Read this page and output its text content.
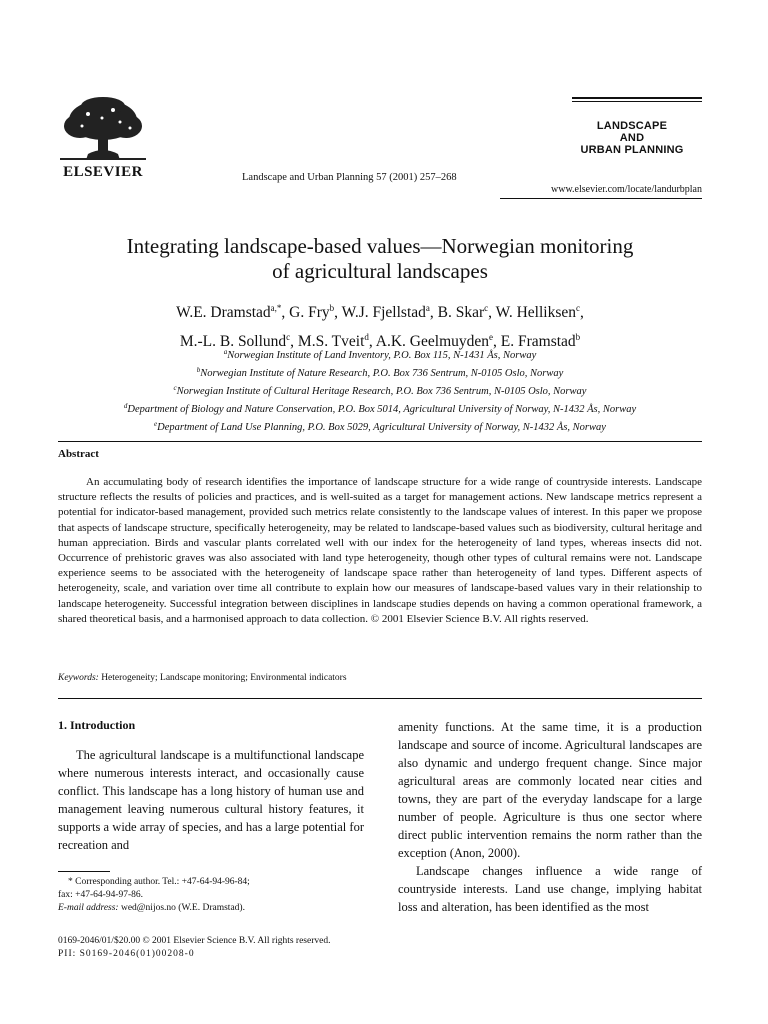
ELSEVIER	Landscape and Urban Planning 57 (2001) 257–268
LANDSCAPE
AND
URBAN PLANNING
www.elsevier.com/locate/landurbplan
Integrating landscape-based values—Norwegian monitoring
of agricultural landscapes
W.E. Dramstad$^{a,*}$, G. Fry$^b$, W.J. Fjellstad$^a$, B. Skar$^c$, W. Helliksen$^c$,
M.-L. B. Sollund$^c$, M.S. Tveit$^d$, A.K. Geelmuyden$^e$, E. Framstad$^b$
$^a$Norwegian Institute of Land Inventory, P.O. Box 115, N-1431 Ås, Norway
$^b$Norwegian Institute of Nature Research, P.O. Box 736 Sentrum, N-0105 Oslo, Norway
$^c$Norwegian Institute of Cultural Heritage Research, P.O. Box 736 Sentrum, N-0105 Oslo, Norway
$^d$Department of Biology and Nature Conservation, P.O. Box 5014, Agricultural University of Norway, N-1432 Ås, Norway
$^e$Department of Land Use Planning, P.O. Box 5029, Agricultural University of Norway, N-1432 Ås, Norway
Abstract
An accumulating body of research identifies the importance of landscape structure for a wide range of countryside interests. Landscape structure reflects the results of policies and practices, and is well-suited as a target for management actions. New landscape metrics represent a potential for indicator-based management, provided such metrics relate consistently to the landscape values of interest. In this paper we propose that aspects of landscape structure, specifically heterogeneity, may be related to landscape-based values such as biodiversity, cultural heritage and human appreciation. Birds and vascular plants correlated well with our index for the heterogeneity of land types, whereas insects did not. Occurrence of prehistoric graves was also associated with land type heterogeneity, though other types of cultural remains were not. Landscape experience seems to be associated with the heterogeneity of landscape space rather than heterogeneity of land types. Different aspects of heterogeneity, scale, and variation over time all contribute to explain how our measures of landscape-based values vary in their relationship to landscape heterogeneity. Successful integration between disciplines in landscape studies depends on having a common operational framework, a shared theoretical basis, and a harmonised approach to data collection. © 2001 Elsevier Science B.V. All rights reserved.
Keywords: Heterogeneity; Landscape monitoring; Environmental indicators
1. Introduction

The agricultural landscape is a multifunctional landscape where numerous interests interact, and occasionally cause conflict. This landscape has a long history of human use and management leaving numerous cultural history features, it supports a wide array of species, and has a large potential for recreation and

amenity functions. At the same time, it is a production landscape and source of income. Agricultural landscapes are also dynamic and undergo frequent change. Since major agricultural areas are commonly located near cities and towns, they are part of the everyday landscape for a large number of people. Agriculture is thus one sector where direct public intervention remains the norm rather than the exception (Anon, 2000).

Landscape changes influence a wide range of countryside interests. Land use change, implying habitat loss and alteration, has been identified as the most

* Corresponding author. Tel.: +47-64-94-96-84;
fax: +47-64-94-97-86.
E-mail address: wed@nijos.no (W.E. Dramstad).
0169-2046/01/$20.00 © 2001 Elsevier Science B.V. All rights reserved.
PII: S0169-2046(01)00208-0
